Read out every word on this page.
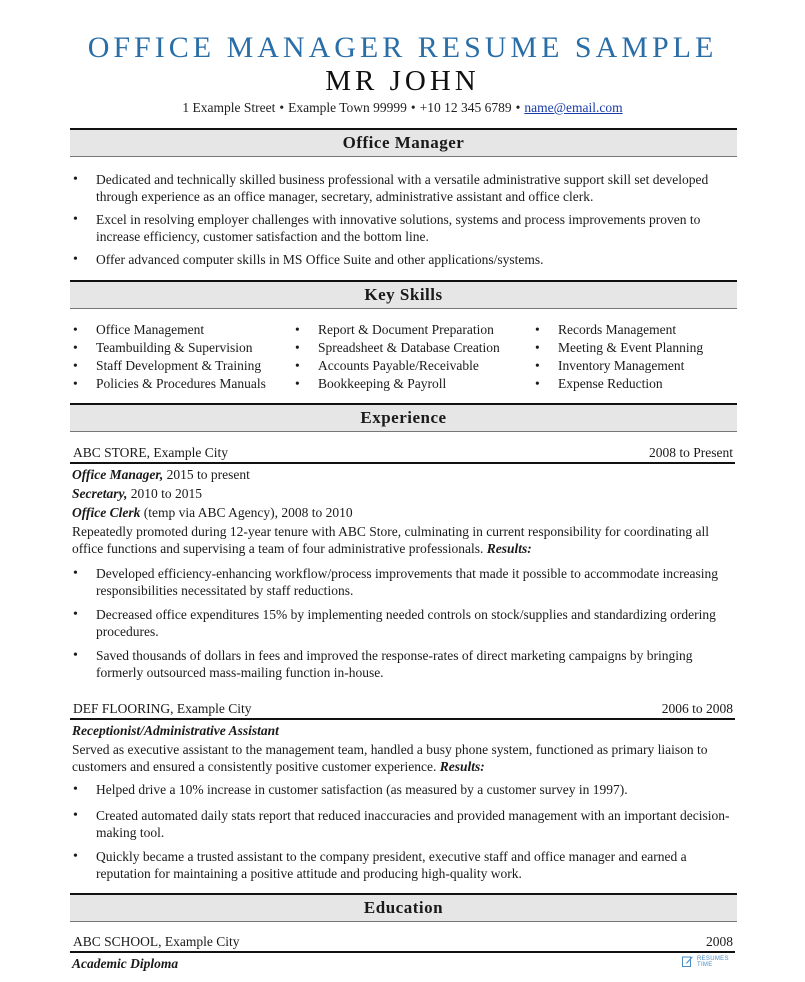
OFFICE MANAGER RESUME SAMPLE
MR JOHN
1 Example Street • Example Town 99999 • +10 12 345 6789 • name@email.com
Office Manager
• Dedicated and technically skilled business professional with a versatile administrative support skill set developed through experience as an office manager, secretary, administrative assistant and office clerk.
• Excel in resolving employer challenges with innovative solutions, systems and process improvements proven to increase efficiency, customer satisfaction and the bottom line.
• Offer advanced computer skills in MS Office Suite and other applications/systems.
Key Skills
• Office Management
• Teambuilding & Supervision
• Staff Development & Training
• Policies & Procedures Manuals
• Report & Document Preparation
• Spreadsheet & Database Creation
• Accounts Payable/Receivable
• Bookkeeping & Payroll
• Records Management
• Meeting & Event Planning
• Inventory Management
• Expense Reduction
Experience
ABC STORE, Example City	2008 to Present
Office Manager, 2015 to present
Secretary, 2010 to 2015
Office Clerk (temp via ABC Agency), 2008 to 2010
Repeatedly promoted during 12-year tenure with ABC Store, culminating in current responsibility for coordinating all office functions and supervising a team of four administrative professionals. Results:
• Developed efficiency-enhancing workflow/process improvements that made it possible to accommodate increasing responsibilities necessitated by staff reductions.
• Decreased office expenditures 15% by implementing needed controls on stock/supplies and standardizing ordering procedures.
• Saved thousands of dollars in fees and improved the response-rates of direct marketing campaigns by bringing formerly outsourced mass-mailing function in-house.
DEF FLOORING, Example City	2006 to 2008
Receptionist/Administrative Assistant
Served as executive assistant to the management team, handled a busy phone system, functioned as primary liaison to customers and ensured a consistently positive customer experience. Results:
• Helped drive a 10% increase in customer satisfaction (as measured by a customer survey in 1997).
• Created automated daily stats report that reduced inaccuracies and provided management with an important decision-making tool.
• Quickly became a trusted assistant to the company president, executive staff and office manager and earned a reputation for maintaining a positive attitude and producing high-quality work.
Education
ABC SCHOOL, Example City	2008
Academic Diploma	RESUMES
TIME
